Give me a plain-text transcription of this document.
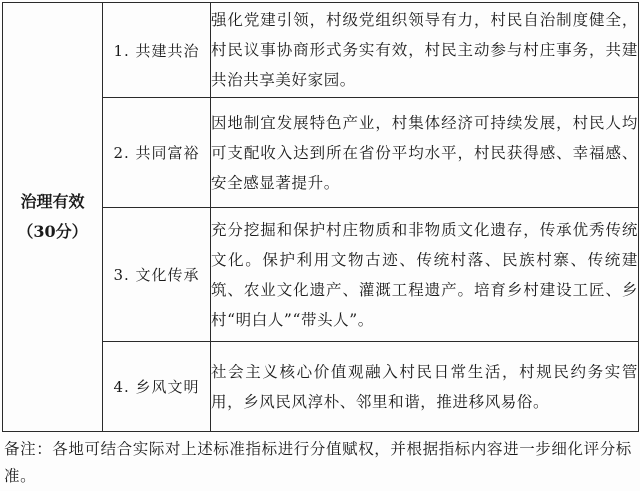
治理有效
（30分）	1. 共建共治	强化党建引领，村级党组织领导有力，村民自治制度健全，村民议事协商形式务实有效，村民主动参与村庄事务，共建共治共享美好家园。
	2. 共同富裕	因地制宜发展特色产业，村集体经济可持续发展，村民人均可支配收入达到所在省份平均水平，村民获得感、幸福感、安全感显著提升。
	3. 文化传承	充分挖掘和保护村庄物质和非物质文化遗存，传承优秀传统文化。保护利用文物古迹、传统村落、民族村寨、传统建筑、农业文化遗产、灌溉工程遗产。培育乡村建设工匠、乡村“明白人”“带头人”。
	4. 乡风文明	社会主义核心价值观融入村民日常生活，村规民约务实管用，乡风民风淳朴、邻里和谐，推进移风易俗。
备注：各地可结合实际对上述标准指标进行分值赋权，并根据指标内容进一步细化评分标准。
